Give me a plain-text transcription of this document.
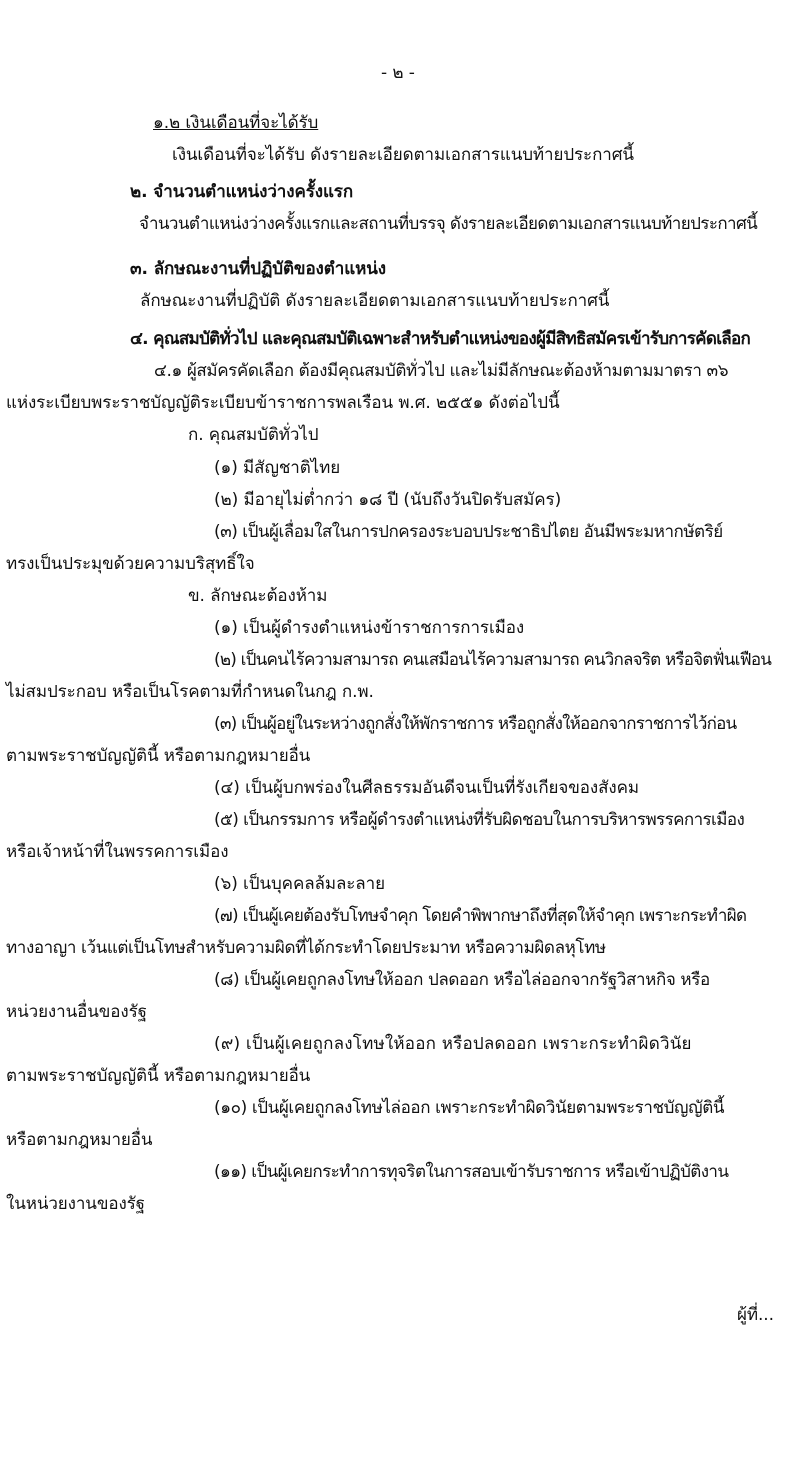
- ๒ -
๑.๒ เงินเดือนที่จะได้รับ
เงินเดือนที่จะได้รับ ดังรายละเอียดตามเอกสารแนบท้ายประกาศนี้
๒. จำนวนตำแหน่งว่างครั้งแรก
จำนวนตำแหน่งว่างครั้งแรกและสถานที่บรรจุ ดังรายละเอียดตามเอกสารแนบท้ายประกาศนี้
๓. ลักษณะงานที่ปฏิบัติของตำแหน่ง
ลักษณะงานที่ปฏิบัติ ดังรายละเอียดตามเอกสารแนบท้ายประกาศนี้
๔. คุณสมบัติทั่วไป และคุณสมบัติเฉพาะสำหรับตำแหน่งของผู้มีสิทธิสมัครเข้ารับการคัดเลือก
๔.๑ ผู้สมัครคัดเลือก ต้องมีคุณสมบัติทั่วไป และไม่มีลักษณะต้องห้ามตามมาตรา ๓๖
แห่งระเบียบพระราชบัญญัติระเบียบข้าราชการพลเรือน พ.ศ. ๒๕๕๑ ดังต่อไปนี้
ก. คุณสมบัติทั่วไป
(๑) มีสัญชาติไทย
(๒) มีอายุไม่ต่ำกว่า ๑๘ ปี (นับถึงวันปิดรับสมัคร)
(๓) เป็นผู้เลื่อมใสในการปกครองระบอบประชาธิปไตย อันมีพระมหากษัตริย์
ทรงเป็นประมุขด้วยความบริสุทธิ์ใจ
ข. ลักษณะต้องห้าม
(๑) เป็นผู้ดำรงตำแหน่งข้าราชการการเมือง
(๒) เป็นคนไร้ความสามารถ คนเสมือนไร้ความสามารถ คนวิกลจริต หรือจิตฟั่นเฟือน
ไม่สมประกอบ หรือเป็นโรคตามที่กำหนดในกฎ ก.พ.
(๓) เป็นผู้อยู่ในระหว่างถูกสั่งให้พักราชการ หรือถูกสั่งให้ออกจากราชการไว้ก่อน
ตามพระราชบัญญัตินี้ หรือตามกฎหมายอื่น
(๔) เป็นผู้บกพร่องในศีลธรรมอันดีจนเป็นที่รังเกียจของสังคม
(๕) เป็นกรรมการ หรือผู้ดำรงตำแหน่งที่รับผิดชอบในการบริหารพรรคการเมือง
หรือเจ้าหน้าที่ในพรรคการเมือง
(๖) เป็นบุคคลล้มละลาย
(๗) เป็นผู้เคยต้องรับโทษจำคุก โดยคำพิพากษาถึงที่สุดให้จำคุก เพราะกระทำผิด
ทางอาญา เว้นแต่เป็นโทษสำหรับความผิดที่ได้กระทำโดยประมาท หรือความผิดลหุโทษ
(๘) เป็นผู้เคยถูกลงโทษให้ออก ปลดออก หรือไล่ออกจากรัฐวิสาหกิจ หรือ
หน่วยงานอื่นของรัฐ
(๙) เป็นผู้เคยถูกลงโทษให้ออก หรือปลดออก เพราะกระทำผิดวินัย
ตามพระราชบัญญัตินี้ หรือตามกฎหมายอื่น
(๑๐) เป็นผู้เคยถูกลงโทษไล่ออก เพราะกระทำผิดวินัยตามพระราชบัญญัตินี้
หรือตามกฎหมายอื่น
(๑๑) เป็นผู้เคยกระทำการทุจริตในการสอบเข้ารับราชการ หรือเข้าปฏิบัติงาน
ในหน่วยงานของรัฐ
ผู้ที่...
